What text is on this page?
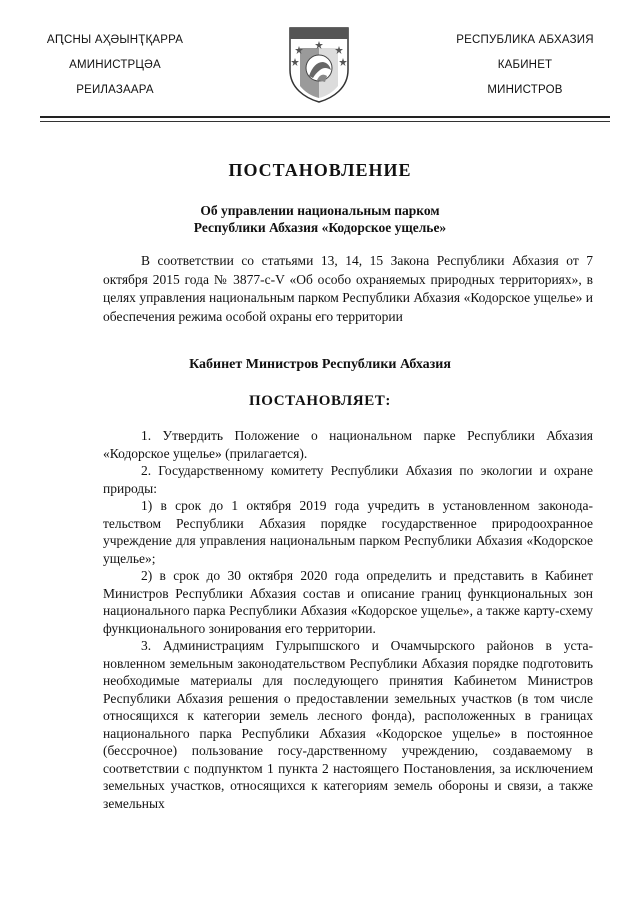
АԤСНЫ АҲӘЫНҬҚАРРА
АМИНИСТРЦӘА
РЕИЛАЗААРА
РЕСПУБЛИКА АБХАЗИЯ
КАБИНЕТ
МИНИСТРОВ
ПОСТАНОВЛЕНИЕ
Об управлении национальным парком
Республики Абхазия «Кодорское ущелье»
В соответствии со статьями 13, 14, 15 Закона Республики Абхазия от 7 октября 2015 года № 3877-с-V «Об особо охраняемых природных территориях», в целях управления национальным парком Республики Абхазия «Кодорское ущелье» и обеспечения режима особой охраны его территории
Кабинет Министров Республики Абхазия
ПОСТАНОВЛЯЕТ:

1. Утвердить Положение о национальном парке Республики Абхазия «Кодорское ущелье» (прилагается).

2. Государственному комитету Республики Абхазия по экологии и охране природы:

1) в срок до 1 октября 2019 года учредить в установленном законода-тельством Республики Абхазия порядке государственное природоохранное учреждение для управления национальным парком Республики Абхазия «Кодорское ущелье»;

2) в срок до 30 октября 2020 года определить и представить в Кабинет Министров Республики Абхазия состав и описание границ функциональных зон национального парка Республики Абхазия «Кодорское ущелье», а также карту-схему функционального зонирования его территории.

3. Администрациям Гулрыпшского и Очамчырского районов в уста-новленном земельным законодательством Республики Абхазия порядке подготовить необходимые материалы для последующего принятия Кабинетом Министров Республики Абхазия решения о предоставлении земельных участков (в том числе относящихся к категории земель лесного фонда), расположенных в границах национального парка Республики Абхазия «Кодорское ущелье» в постоянное (бессрочное) пользование госу-дарственному учреждению, создаваемому в соответствии с подпунктом 1 пункта 2 настоящего Постановления, за исключением земельных участков, относящихся к категориям земель обороны и связи, а также земельных
